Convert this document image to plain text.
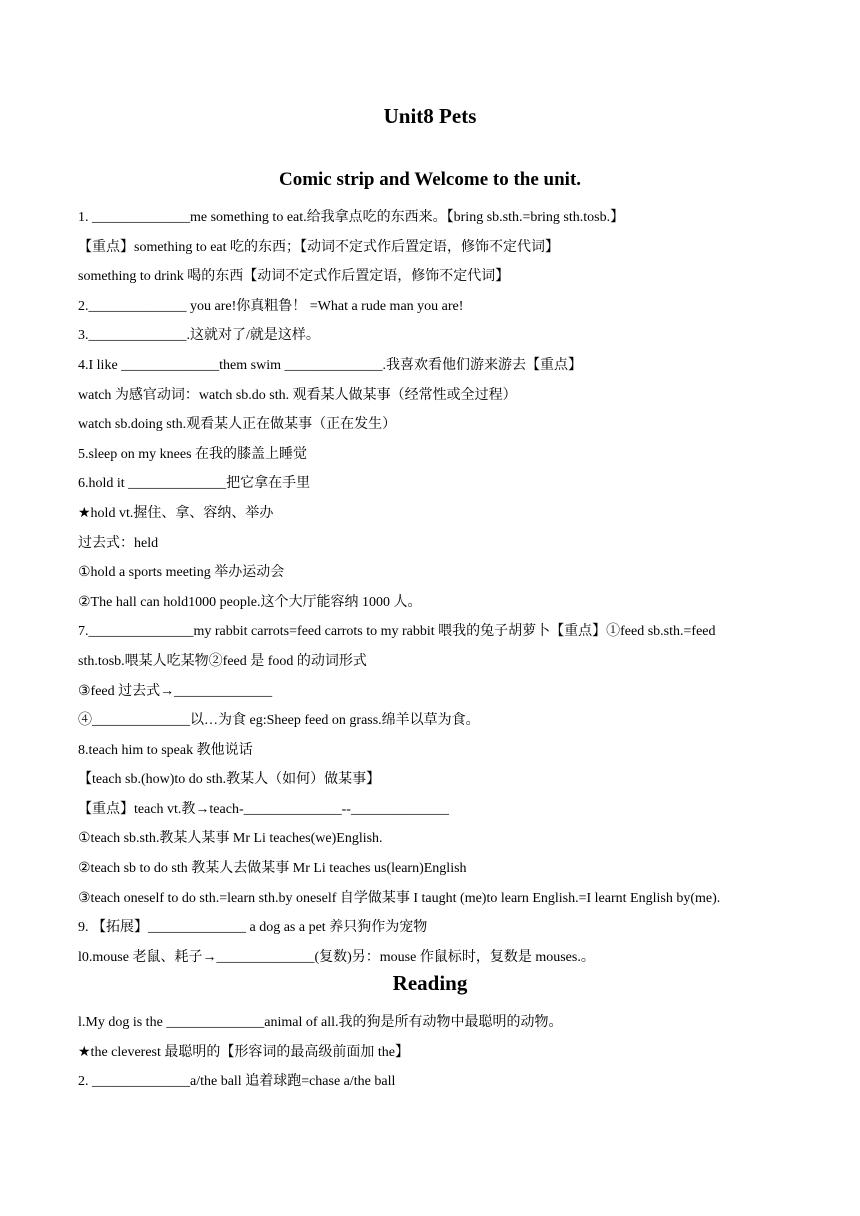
Unit8 Pets
Comic strip and Welcome to the unit.
1. ______________me something to eat.给我拿点吃的东西来。【bring sb.sth.=bring sth.tosb.】
【重点】something to eat 吃的东西；【动词不定式作后置定语，修饰不定代词】
something to drink 喝的东西【动词不定式作后置定语，修饰不定代词】
2.______________ you are!你真粗鲁！ =What a rude man you are!
3.______________.这就对了/就是这样。
4.I like ______________them swim ______________.我喜欢看他们游来游去【重点】
watch 为感官动词：watch sb.do sth. 观看某人做某事（经常性或全过程）
watch sb.doing sth.观看某人正在做某事（正在发生）
5.sleep on my knees 在我的膝盖上睡觉
6.hold it ______________把它拿在手里
★hold vt.握住、拿、容纳、举办
过去式：held
①hold a sports meeting 举办运动会
②The hall can hold1000 people.这个大厅能容纳 1000 人。
7._______________my rabbit carrots=feed carrots to my rabbit 喂我的兔子胡萝卜【重点】①feed sb.sth.=feed
sth.tosb.喂某人吃某物②feed 是 food 的动词形式
③feed 过去式→______________
④______________以…为食 eg:Sheep feed on grass.绵羊以草为食。
8.teach him to speak 教他说话
【teach sb.(how)to do sth.教某人（如何）做某事】
【重点】teach vt.教→teach-______________--______________
①teach sb.sth.教某人某事 Mr Li teaches(we)English.
②teach sb to do sth 教某人去做某事 Mr Li teaches us(learn)English
③teach oneself to do sth.=learn sth.by oneself 自学做某事 I taught (me)to learn English.=I learnt English by(me).
9. 【拓展】______________ a dog as a pet 养只狗作为宠物
l0.mouse 老鼠、耗子→______________(复数)另：mouse 作鼠标时，复数是 mouses.。
Reading
l.My dog is the ______________animal of all.我的狗是所有动物中最聪明的动物。
★the cleverest 最聪明的【形容词的最高级前面加 the】
2. ______________a/the ball 追着球跑=chase a/the ball
